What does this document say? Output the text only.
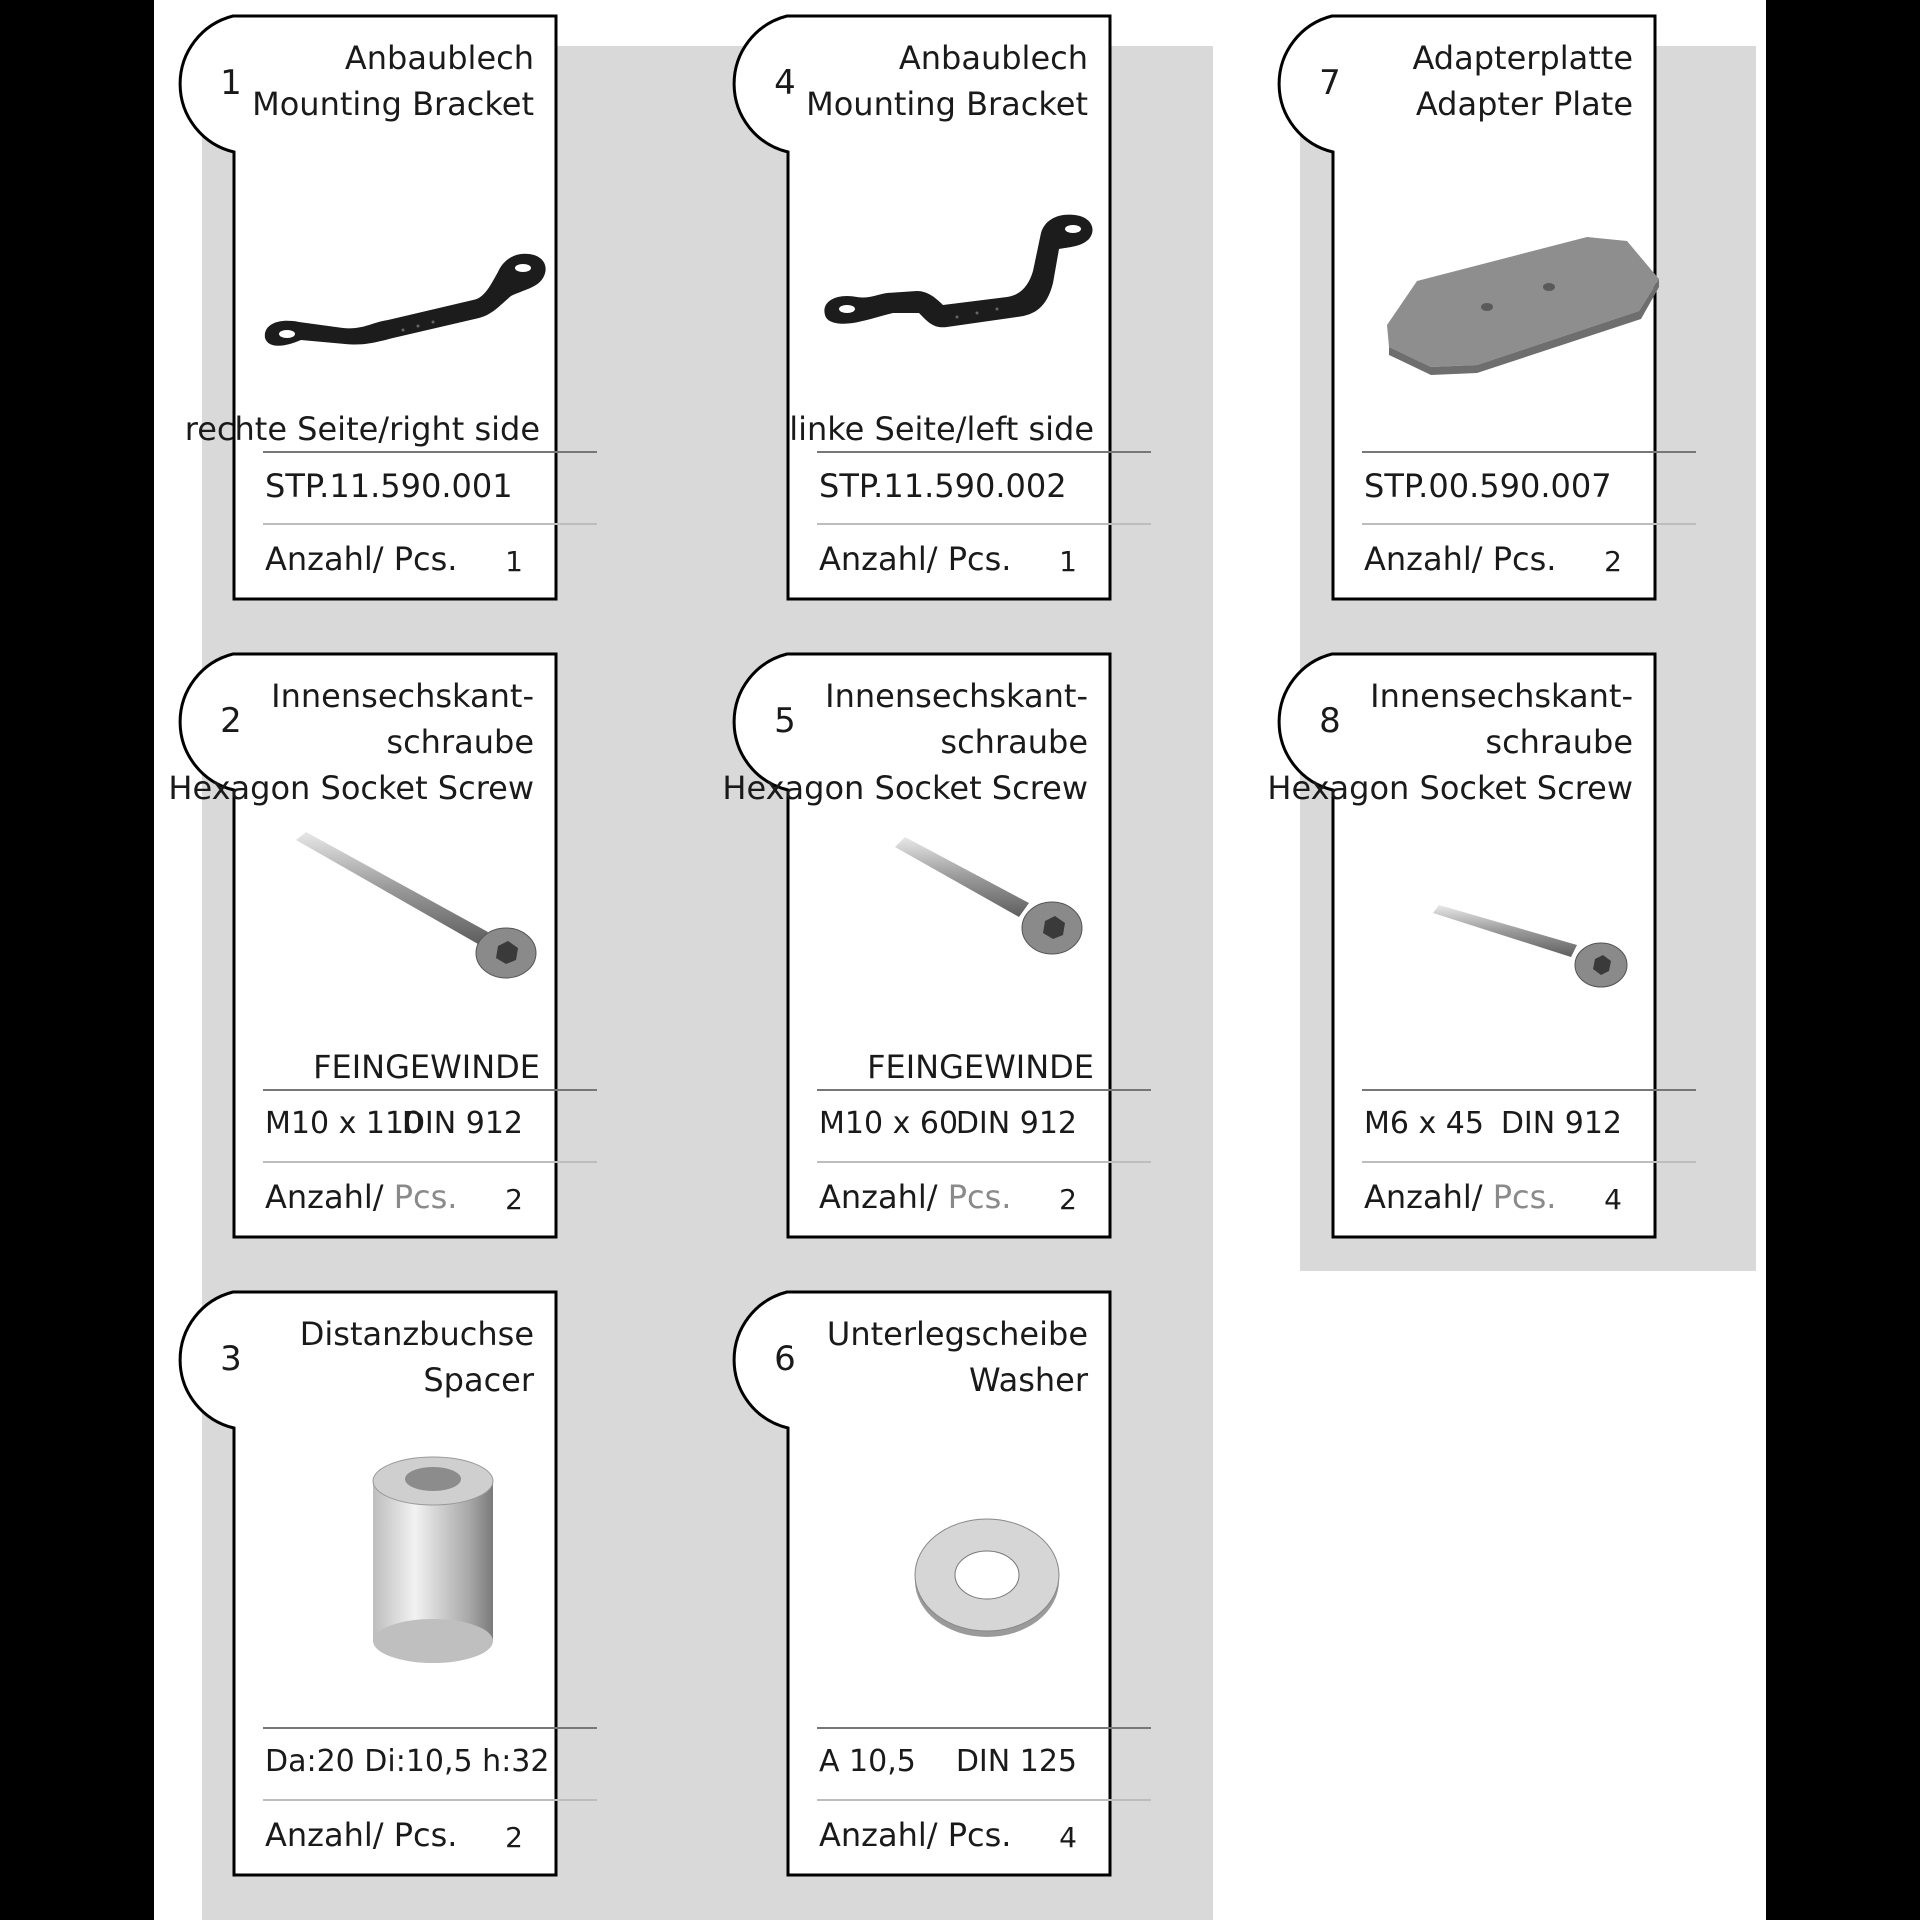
1
Anbaublech
Mounting Bracket
rechte Seite/right side
STP.11.590.001
Anzahl/ Pcs. 1
4
Anbaublech
Mounting Bracket
linke Seite/left side
STP.11.590.002
Anzahl/ Pcs. 1
7
Adapterplatte
Adapter Plate
STP.00.590.007
Anzahl/ Pcs. 2
2
Innensechskant-
schraube
Hexagon Socket Screw
FEINGEWINDE
M10 x 110
DIN 912
Anzahl/ Pcs. 2
5
Innensechskant-
schraube
Hexagon Socket Screw
FEINGEWINDE
M10 x 60
DIN 912
Anzahl/ Pcs. 2
8
Innensechskant-
schraube
Hexagon Socket Screw
M6 x 45 DIN 912
Anzahl/ Pcs. 4
3
Distanzbuchse
Spacer
Da:20 Di:10,5 h:32
Anzahl/ Pcs. 2
6
Unterlegscheibe
Washer
A 10,5 DIN 125
Anzahl/ Pcs. 4
